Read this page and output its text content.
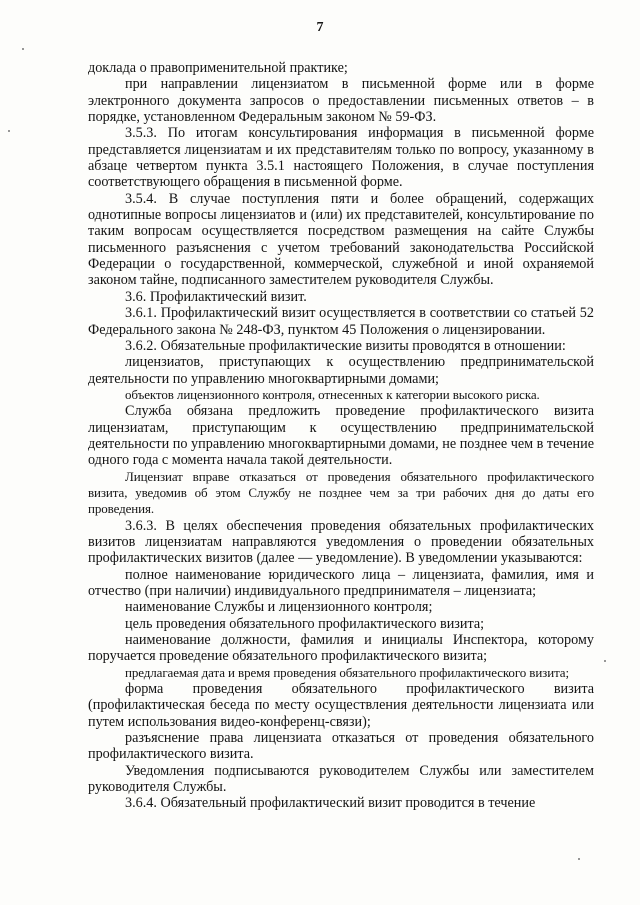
7

доклада о правоприменительной практике;

при направлении лицензиатом в письменной форме или в форме электронного документа запросов о предоставлении письменных ответов – в порядке, установленном Федеральным законом № 59-ФЗ.

3.5.3. По итогам консультирования информация в письменной форме представляется лицензиатам и их представителям только по вопросу, указанному в абзаце четвертом пункта 3.5.1 настоящего Положения, в случае поступления соответствующего обращения в письменной форме.

3.5.4. В случае поступления пяти и более обращений, содержащих однотипные вопросы лицензиатов и (или) их представителей, консультирование по таким вопросам осуществляется посредством размещения на сайте Службы письменного разъяснения с учетом требований законодательства Российской Федерации о государственной, коммерческой, служебной и иной охраняемой законом тайне, подписанного заместителем руководителя Службы.

3.6. Профилактический визит.

3.6.1. Профилактический визит осуществляется в соответствии со статьей 52 Федерального закона № 248-ФЗ, пунктом 45 Положения о лицензировании.

3.6.2. Обязательные профилактические визиты проводятся в отношении:

лицензиатов, приступающих к осуществлению предпринимательской деятельности по управлению многоквартирными домами;

объектов лицензионного контроля, отнесенных к категории высокого риска.

Служба обязана предложить проведение профилактического визита лицензиатам, приступающим к осуществлению предпринимательской деятельности по управлению многоквартирными домами, не позднее чем в течение одного года с момента начала такой деятельности.

Лицензиат вправе отказаться от проведения обязательного профилактического визита, уведомив об этом Службу не позднее чем за три рабочих дня до даты его проведения.

3.6.3. В целях обеспечения проведения обязательных профилактических визитов лицензиатам направляются уведомления о проведении обязательных профилактических визитов (далее — уведомление). В уведомлении указываются:

полное наименование юридического лица – лицензиата, фамилия, имя и отчество (при наличии) индивидуального предпринимателя – лицензиата;

наименование Службы и лицензионного контроля;

цель проведения обязательного профилактического визита;

наименование должности, фамилия и инициалы Инспектора, которому поручается проведение обязательного профилактического визита;

предлагаемая дата и время проведения обязательного профилактического визита;

форма проведения обязательного профилактического визита (профилактическая беседа по месту осуществления деятельности лицензиата или путем использования видео-конференц-связи);

разъяснение права лицензиата отказаться от проведения обязательного профилактического визита.

Уведомления подписываются руководителем Службы или заместителем руководителя Службы.

3.6.4. Обязательный профилактический визит проводится в течение
